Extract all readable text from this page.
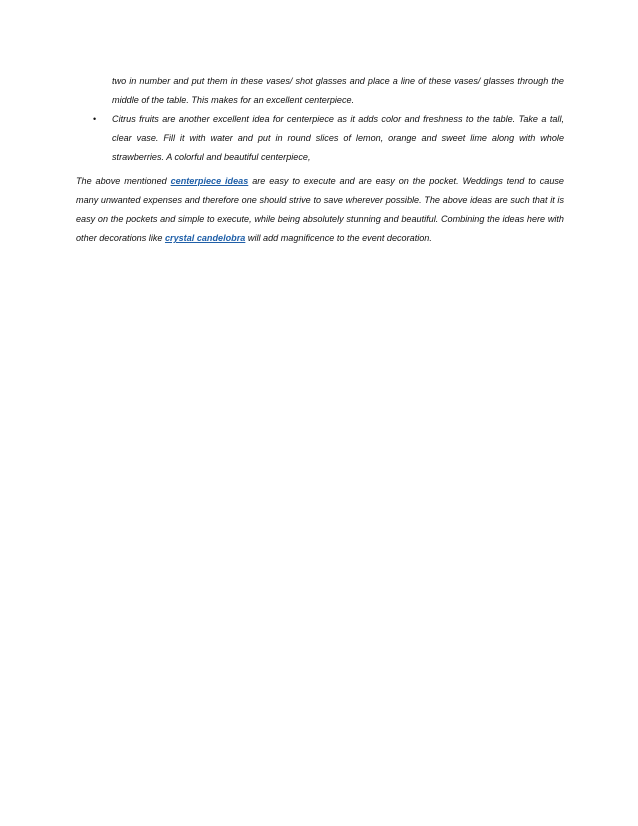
two in number and put them in these vases/ shot glasses and place a line of these vases/ glasses through the middle of the table. This makes for an excellent centerpiece.

• Citrus fruits are another excellent idea for centerpiece as it adds color and freshness to the table. Take a tall, clear vase. Fill it with water and put in round slices of lemon, orange and sweet lime along with whole strawberries. A colorful and beautiful centerpiece,

The above mentioned centerpiece ideas are easy to execute and are easy on the pocket. Weddings tend to cause many unwanted expenses and therefore one should strive to save wherever possible. The above ideas are such that it is easy on the pockets and simple to execute, while being absolutely stunning and beautiful. Combining the ideas here with other decorations like crystal candelobra will add magnificence to the event decoration.
